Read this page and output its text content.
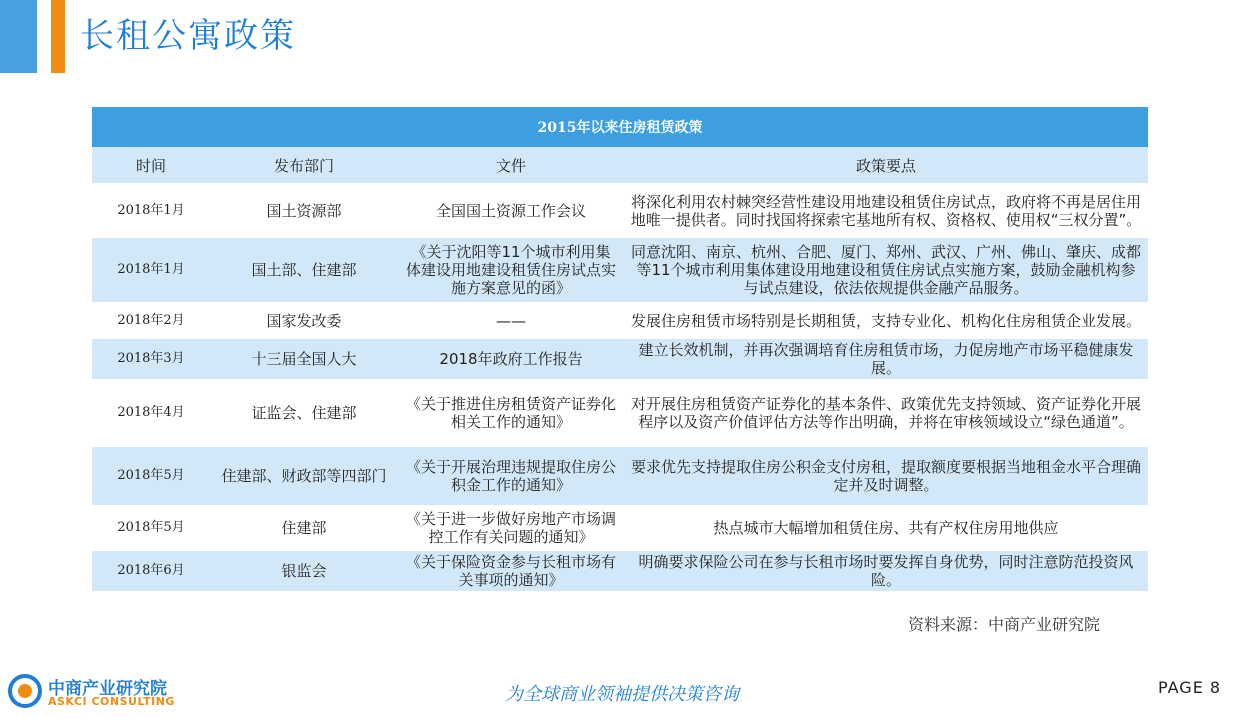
长租公寓政策
2015年以来住房租赁政策			
时间	发布部门	文件	政策要点
2018年1月	国土资源部	全国国土资源工作会议	将深化利用农村棘突经营性建设用地建设租赁住房试点，政府将不再是居住用地唯一提供者。同时找国将探索宅基地所有权、资格权、使用权“三权分置”。
2018年1月	国土部、住建部	《关于沈阳等11个城市利用集体建设用地建设租赁住房试点实施方案意见的函》	同意沈阳、南京、杭州、合肥、厦门、郑州、武汉、广州、佛山、肇庆、成都等11个城市利用集体建设用地建设租赁住房试点实施方案，鼓励金融机构参与试点建设，依法依规提供金融产品服务。
2018年2月	国家发改委	——	发展住房租赁市场特别是长期租赁，支持专业化、机构化住房租赁企业发展。
2018年3月	十三届全国人大	2018年政府工作报告	建立长效机制，并再次强调培育住房租赁市场，力促房地产市场平稳健康发展。
2018年4月	证监会、住建部	《关于推进住房租赁资产证券化相关工作的通知》	对开展住房租赁资产证券化的基本条件、政策优先支持领域、资产证券化开展程序以及资产价值评估方法等作出明确，并将在审核领域设立“绿色通道”。
2018年5月	住建部、财政部等四部门	《关于开展治理违规提取住房公积金工作的通知》	要求优先支持提取住房公积金支付房租，提取额度要根据当地租金水平合理确定并及时调整。
2018年5月	住建部	《关于进一步做好房地产市场调控工作有关问题的通知》	热点城市大幅增加租赁住房、共有产权住房用地供应
2018年6月	银监会	《关于保险资金参与长租市场有关事项的通知》	明确要求保险公司在参与长租市场时要发挥自身优势，同时注意防范投资风险。
资料来源：中商产业研究院
中商产业研究院
ASKCI CONSULTING	为全球商业领袖提供决策咨询	PAGE 8
